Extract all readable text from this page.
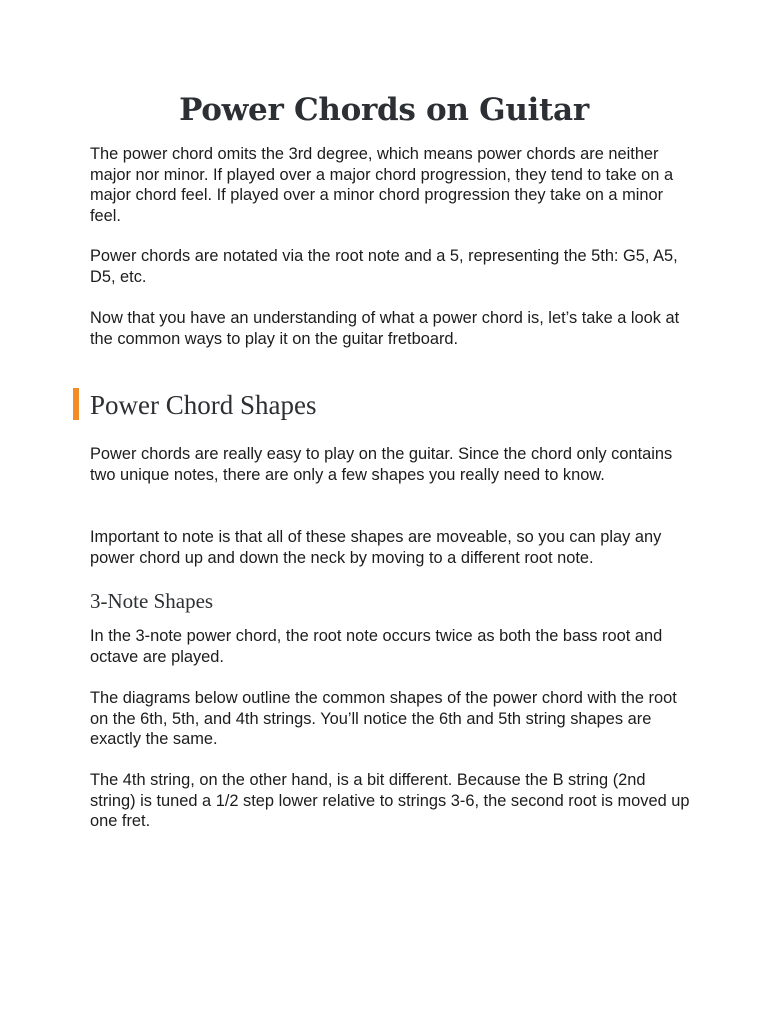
Power Chords on Guitar

The power chord omits the 3rd degree, which means power chords are neither major nor minor. If played over a major chord progression, they tend to take on a major chord feel. If played over a minor chord progression they take on a minor feel.

Power chords are notated via the root note and a 5, representing the 5th: G5, A5, D5, etc.

Now that you have an understanding of what a power chord is, let’s take a look at the common ways to play it on the guitar fretboard.

Power Chord Shapes

Power chords are really easy to play on the guitar. Since the chord only contains two unique notes, there are only a few shapes you really need to know.

Important to note is that all of these shapes are moveable, so you can play any power chord up and down the neck by moving to a different root note.

3-Note Shapes

In the 3-note power chord, the root note occurs twice as both the bass root and octave are played.

The diagrams below outline the common shapes of the power chord with the root on the 6th, 5th, and 4th strings. You’ll notice the 6th and 5th string shapes are exactly the same.

The 4th string, on the other hand, is a bit different. Because the B string (2nd string) is tuned a 1/2 step lower relative to strings 3-6, the second root is moved up one fret.
